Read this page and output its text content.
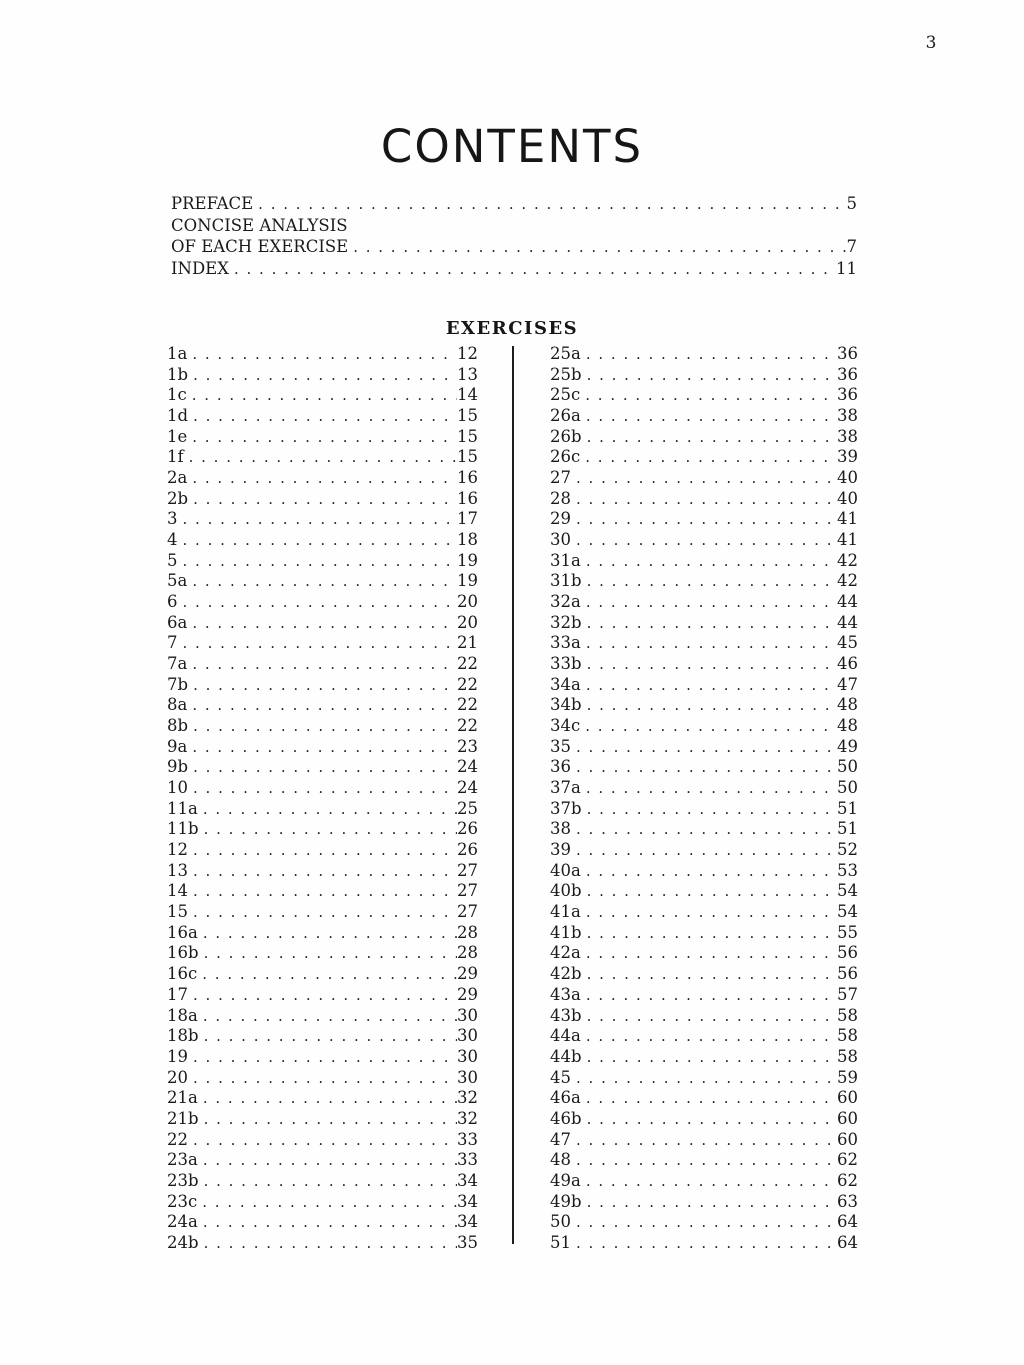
3
CONTENTS
PREFACE . . .	5
CONCISE ANALYSIS
OF EACH EXERCISE . . .	7
INDEX . . .	11
EXERCISES
1a . . .	12
1b . . .	13
1c . . .	14
1d . . .	15
1e . . .	15
1f . . .	15
2a . . .	16
2b . . .	16
3 . . .	17
4 . . .	18
5 . . .	19
5a . . .	19
6 . . .	20
6a . . .	20
7 . . .	21
7a . . .	22
7b . . .	22
8a . . .	22
8b . . .	22
9a . . .	23
9b . . .	24
10 . . .	24
11a . . .	25
11b . . .	26
12 . . .	26
13 . . .	27
14 . . .	27
15 . . .	27
16a . . .	28
16b . . .	28
16c . . .	29
17 . . .	29
18a . . .	30
18b . . .	30
19 . . .	30
20 . . .	30
21a . . .	32
21b . . .	32
22 . . .	33
23a . . .	33
23b . . .	34
23c . . .	34
24a . . .	34
24b . . .	35
25a . . .	36
25b . . .	36
25c . . .	36
26a . . .	38
26b . . .	38
26c . . .	39
27 . . .	40
28 . . .	40
29 . . .	41
30 . . .	41
31a . . .	42
31b . . .	42
32a . . .	44
32b . . .	44
33a . . .	45
33b . . .	46
34a . . .	47
34b . . .	48
34c . . .	48
35 . . .	49
36 . . .	50
37a . . .	50
37b . . .	51
38 . . .	51
39 . . .	52
40a . . .	53
40b . . .	54
41a . . .	54
41b . . .	55
42a . . .	56
42b . . .	56
43a . . .	57
43b . . .	58
44a . . .	58
44b . . .	58
45 . . .	59
46a . . .	60
46b . . .	60
47 . . .	60
48 . . .	62
49a . . .	62
49b . . .	63
50 . . .	64
51 . . .	64
